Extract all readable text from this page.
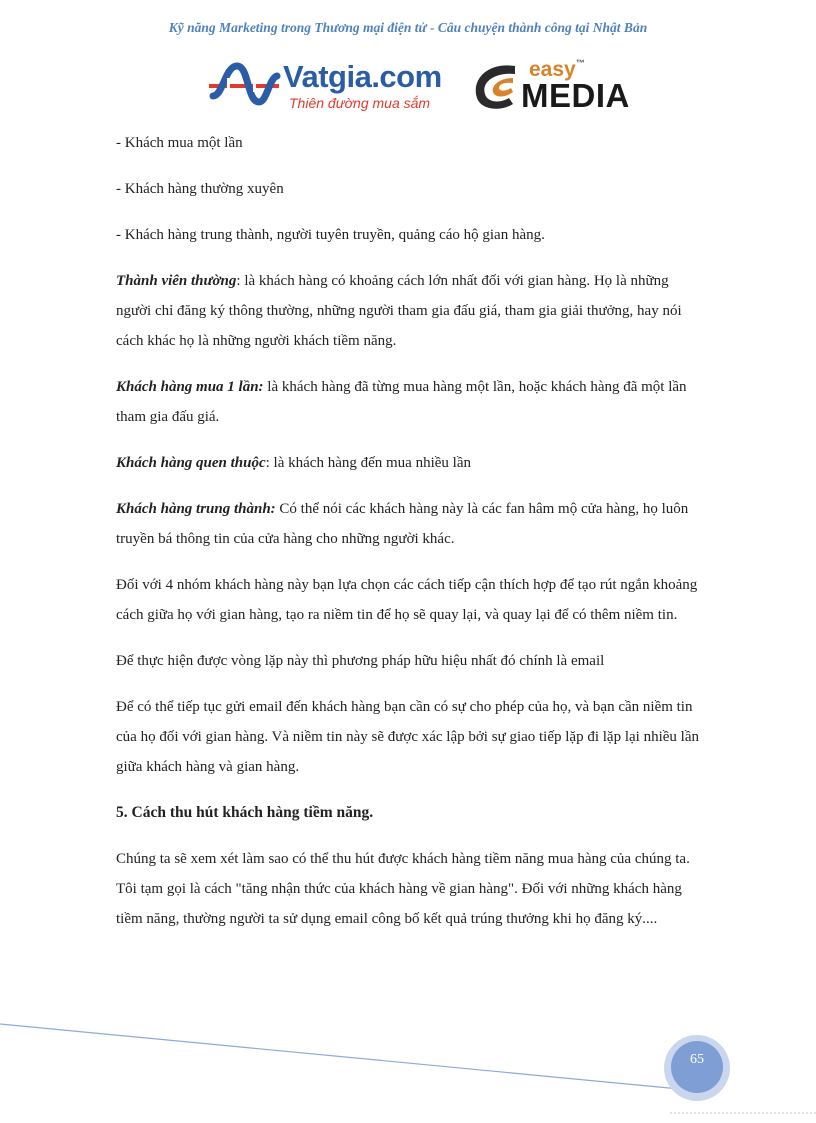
Kỹ năng Marketing trong Thương mại điện tử - Câu chuyện thành công tại Nhật Bản
Vatgia.com
Thiên đường mua sắm
easy™
MEDIA
- Khách mua một lần
- Khách hàng thường xuyên
- Khách hàng trung thành, người tuyên truyền, quảng cáo hộ gian hàng.

Thành viên thường: là khách hàng có khoảng cách lớn nhất đối với gian hàng. Họ là những người chỉ đăng ký thông thường, những người tham gia đấu giá, tham gia giải thưởng, hay nói cách khác họ là những người khách tiềm năng.

Khách hàng mua 1 lần: là khách hàng đã từng mua hàng một lần, hoặc khách hàng đã một lần tham gia đấu giá.

Khách hàng quen thuộc: là khách hàng đến mua nhiều lần

Khách hàng trung thành: Có thể nói các khách hàng này là các fan hâm mộ cửa hàng, họ luôn truyền bá thông tin của cửa hàng cho những người khác.

Đối với 4 nhóm khách hàng này bạn lựa chọn các cách tiếp cận thích hợp để tạo rút ngắn khoảng cách giữa họ với gian hàng, tạo ra niềm tin để họ sẽ quay lại, và quay lại để có thêm niềm tin.

Để thực hiện được vòng lặp này thì phương pháp hữu hiệu nhất đó chính là email

Để có thể tiếp tục gửi email đến khách hàng bạn cần có sự cho phép của họ, và bạn cần niềm tin của họ đối với gian hàng. Và niềm tin này sẽ được xác lập bởi sự giao tiếp lặp đi lặp lại nhiều lần giữa khách hàng và gian hàng.

5. Cách thu hút khách hàng tiềm năng.

Chúng ta sẽ xem xét làm sao có thể thu hút được khách hàng tiềm năng mua hàng của chúng ta. Tôi tạm gọi là cách "tăng nhận thức của khách hàng về gian hàng". Đối với những khách hàng tiềm năng, thường người ta sử dụng email công bố kết quả trúng thưởng khi họ đăng ký....

65
